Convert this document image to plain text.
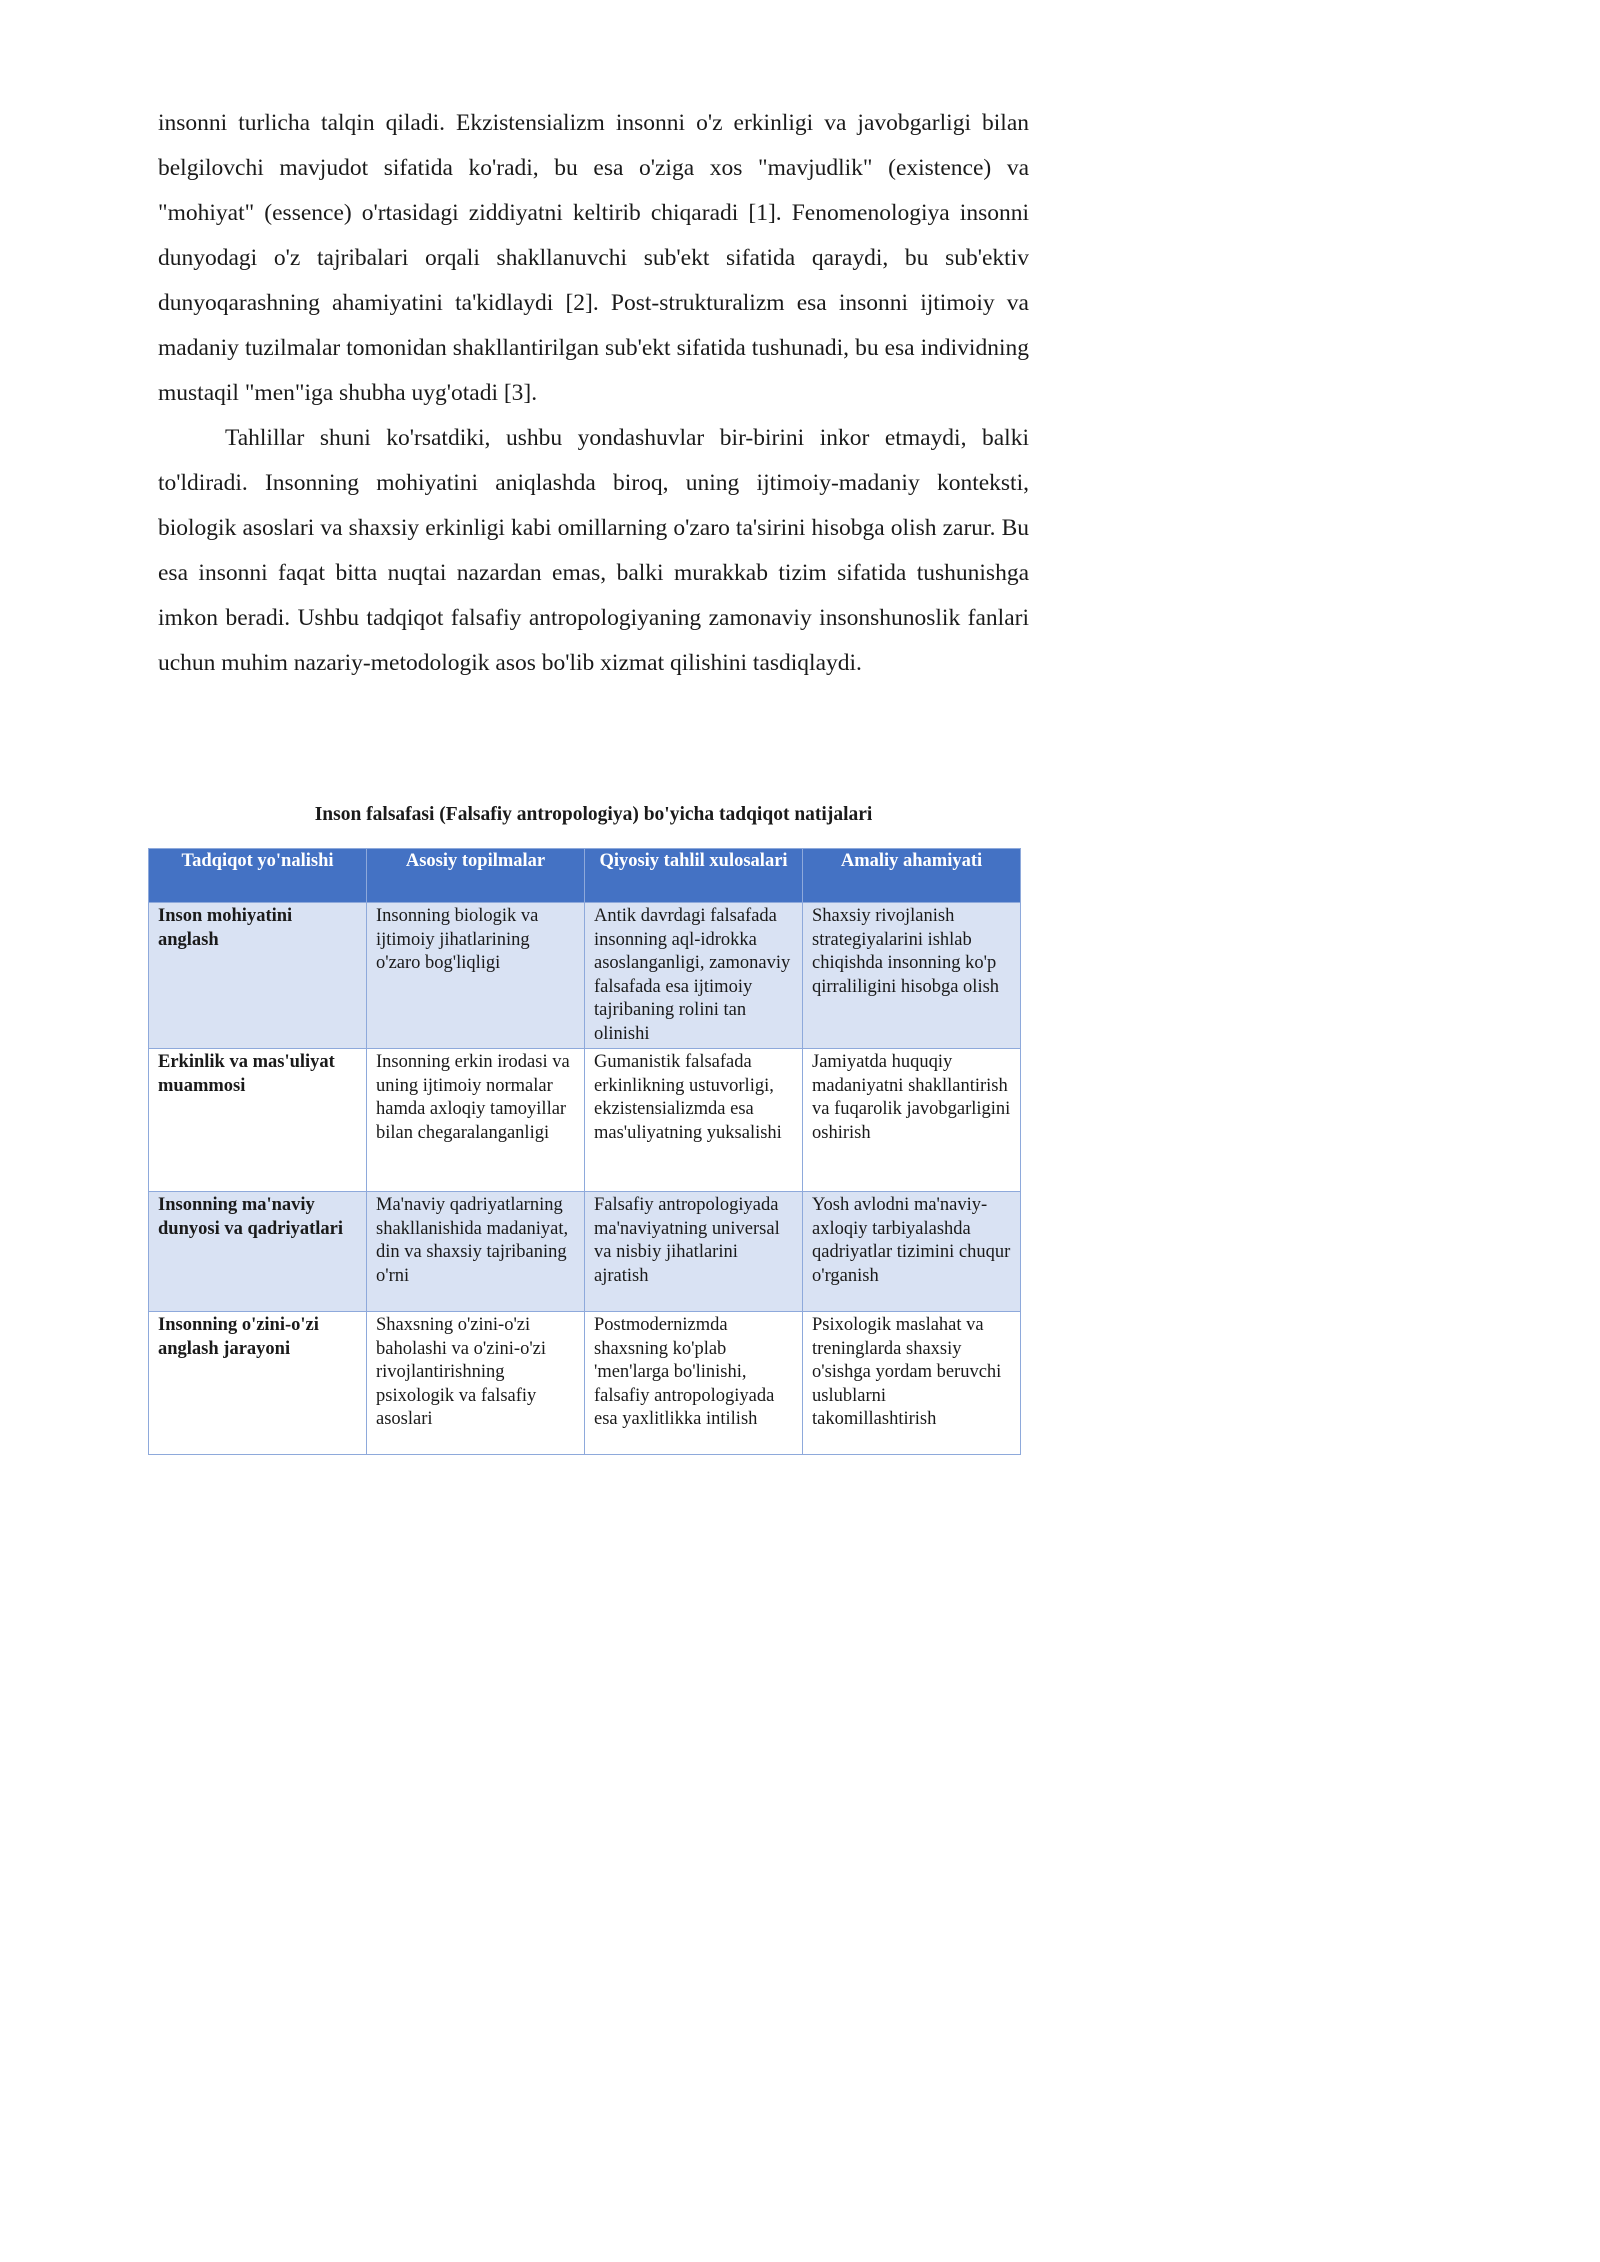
insonni turlicha talqin qiladi. Ekzistensializm insonni o'z erkinligi va javobgarligi bilan belgilovchi mavjudot sifatida ko'radi, bu esa o'ziga xos "mavjudlik" (existence) va "mohiyat" (essence) o'rtasidagi ziddiyatni keltirib chiqaradi [1]. Fenomenologiya insonni dunyodagi o'z tajribalari orqali shakllanuvchi sub'ekt sifatida qaraydi, bu sub'ektiv dunyoqarashning ahamiyatini ta'kidlaydi [2]. Post-strukturalizm esa insonni ijtimoiy va madaniy tuzilmalar tomonidan shakllantirilgan sub'ekt sifatida tushunadi, bu esa individning mustaqil "men"iga shubha uyg'otadi [3].

Tahlillar shuni ko'rsatdiki, ushbu yondashuvlar bir-birini inkor etmaydi, balki to'ldiradi. Insonning mohiyatini aniqlashda biroq, uning ijtimoiy-madaniy konteksti, biologik asoslari va shaxsiy erkinligi kabi omillarning o'zaro ta'sirini hisobga olish zarur. Bu esa insonni faqat bitta nuqtai nazardan emas, balki murakkab tizim sifatida tushunishga imkon beradi. Ushbu tadqiqot falsafiy antropologiyaning zamonaviy insonshunoslik fanlari uchun muhim nazariy-metodologik asos bo'lib xizmat qilishini tasdiqlaydi.

Inson falsafasi (Falsafiy antropologiya) bo'yicha tadqiqot natijalari
Tadqiqot yo'nalishi	Asosiy topilmalar	Qiyosiy tahlil xulosalari	Amaliy ahamiyati
Inson mohiyatini anglash	Insonning biologik va ijtimoiy jihatlarining o'zaro bog'liqligi	Antik davrdagi falsafada insonning aql-idrokka asoslanganligi, zamonaviy falsafada esa ijtimoiy tajribaning rolini tan olinishi	Shaxsiy rivojlanish strategiyalarini ishlab chiqishda insonning ko'p qirraliligini hisobga olish
Erkinlik va mas'uliyat muammosi	Insonning erkin irodasi va uning ijtimoiy normalar hamda axloqiy tamoyillar bilan chegaralanganligi	Gumanistik falsafada erkinlikning ustuvorligi, ekzistensializmda esa mas'uliyatning yuksalishi	Jamiyatda huquqiy madaniyatni shakllantirish va fuqarolik javobgarligini oshirish
Insonning ma'naviy dunyosi va qadriyatlari	Ma'naviy qadriyatlarning shakllanishida madaniyat, din va shaxsiy tajribaning o'rni	Falsafiy antropologiyada ma'naviyatning universal va nisbiy jihatlarini ajratish	Yosh avlodni ma'naviy-axloqiy tarbiyalashda qadriyatlar tizimini chuqur o'rganish
Insonning o'zini-o'zi anglash jarayoni	Shaxsning o'zini-o'zi baholashi va o'zini-o'zi rivojlantirishning psixologik va falsafiy asoslari	Postmodernizmda shaxsning ko'plab 'men'larga bo'linishi, falsafiy antropologiyada esa yaxlitlikka intilish	Psixologik maslahat va treninglarda shaxsiy o'sishga yordam beruvchi uslublarni takomillashtirish
